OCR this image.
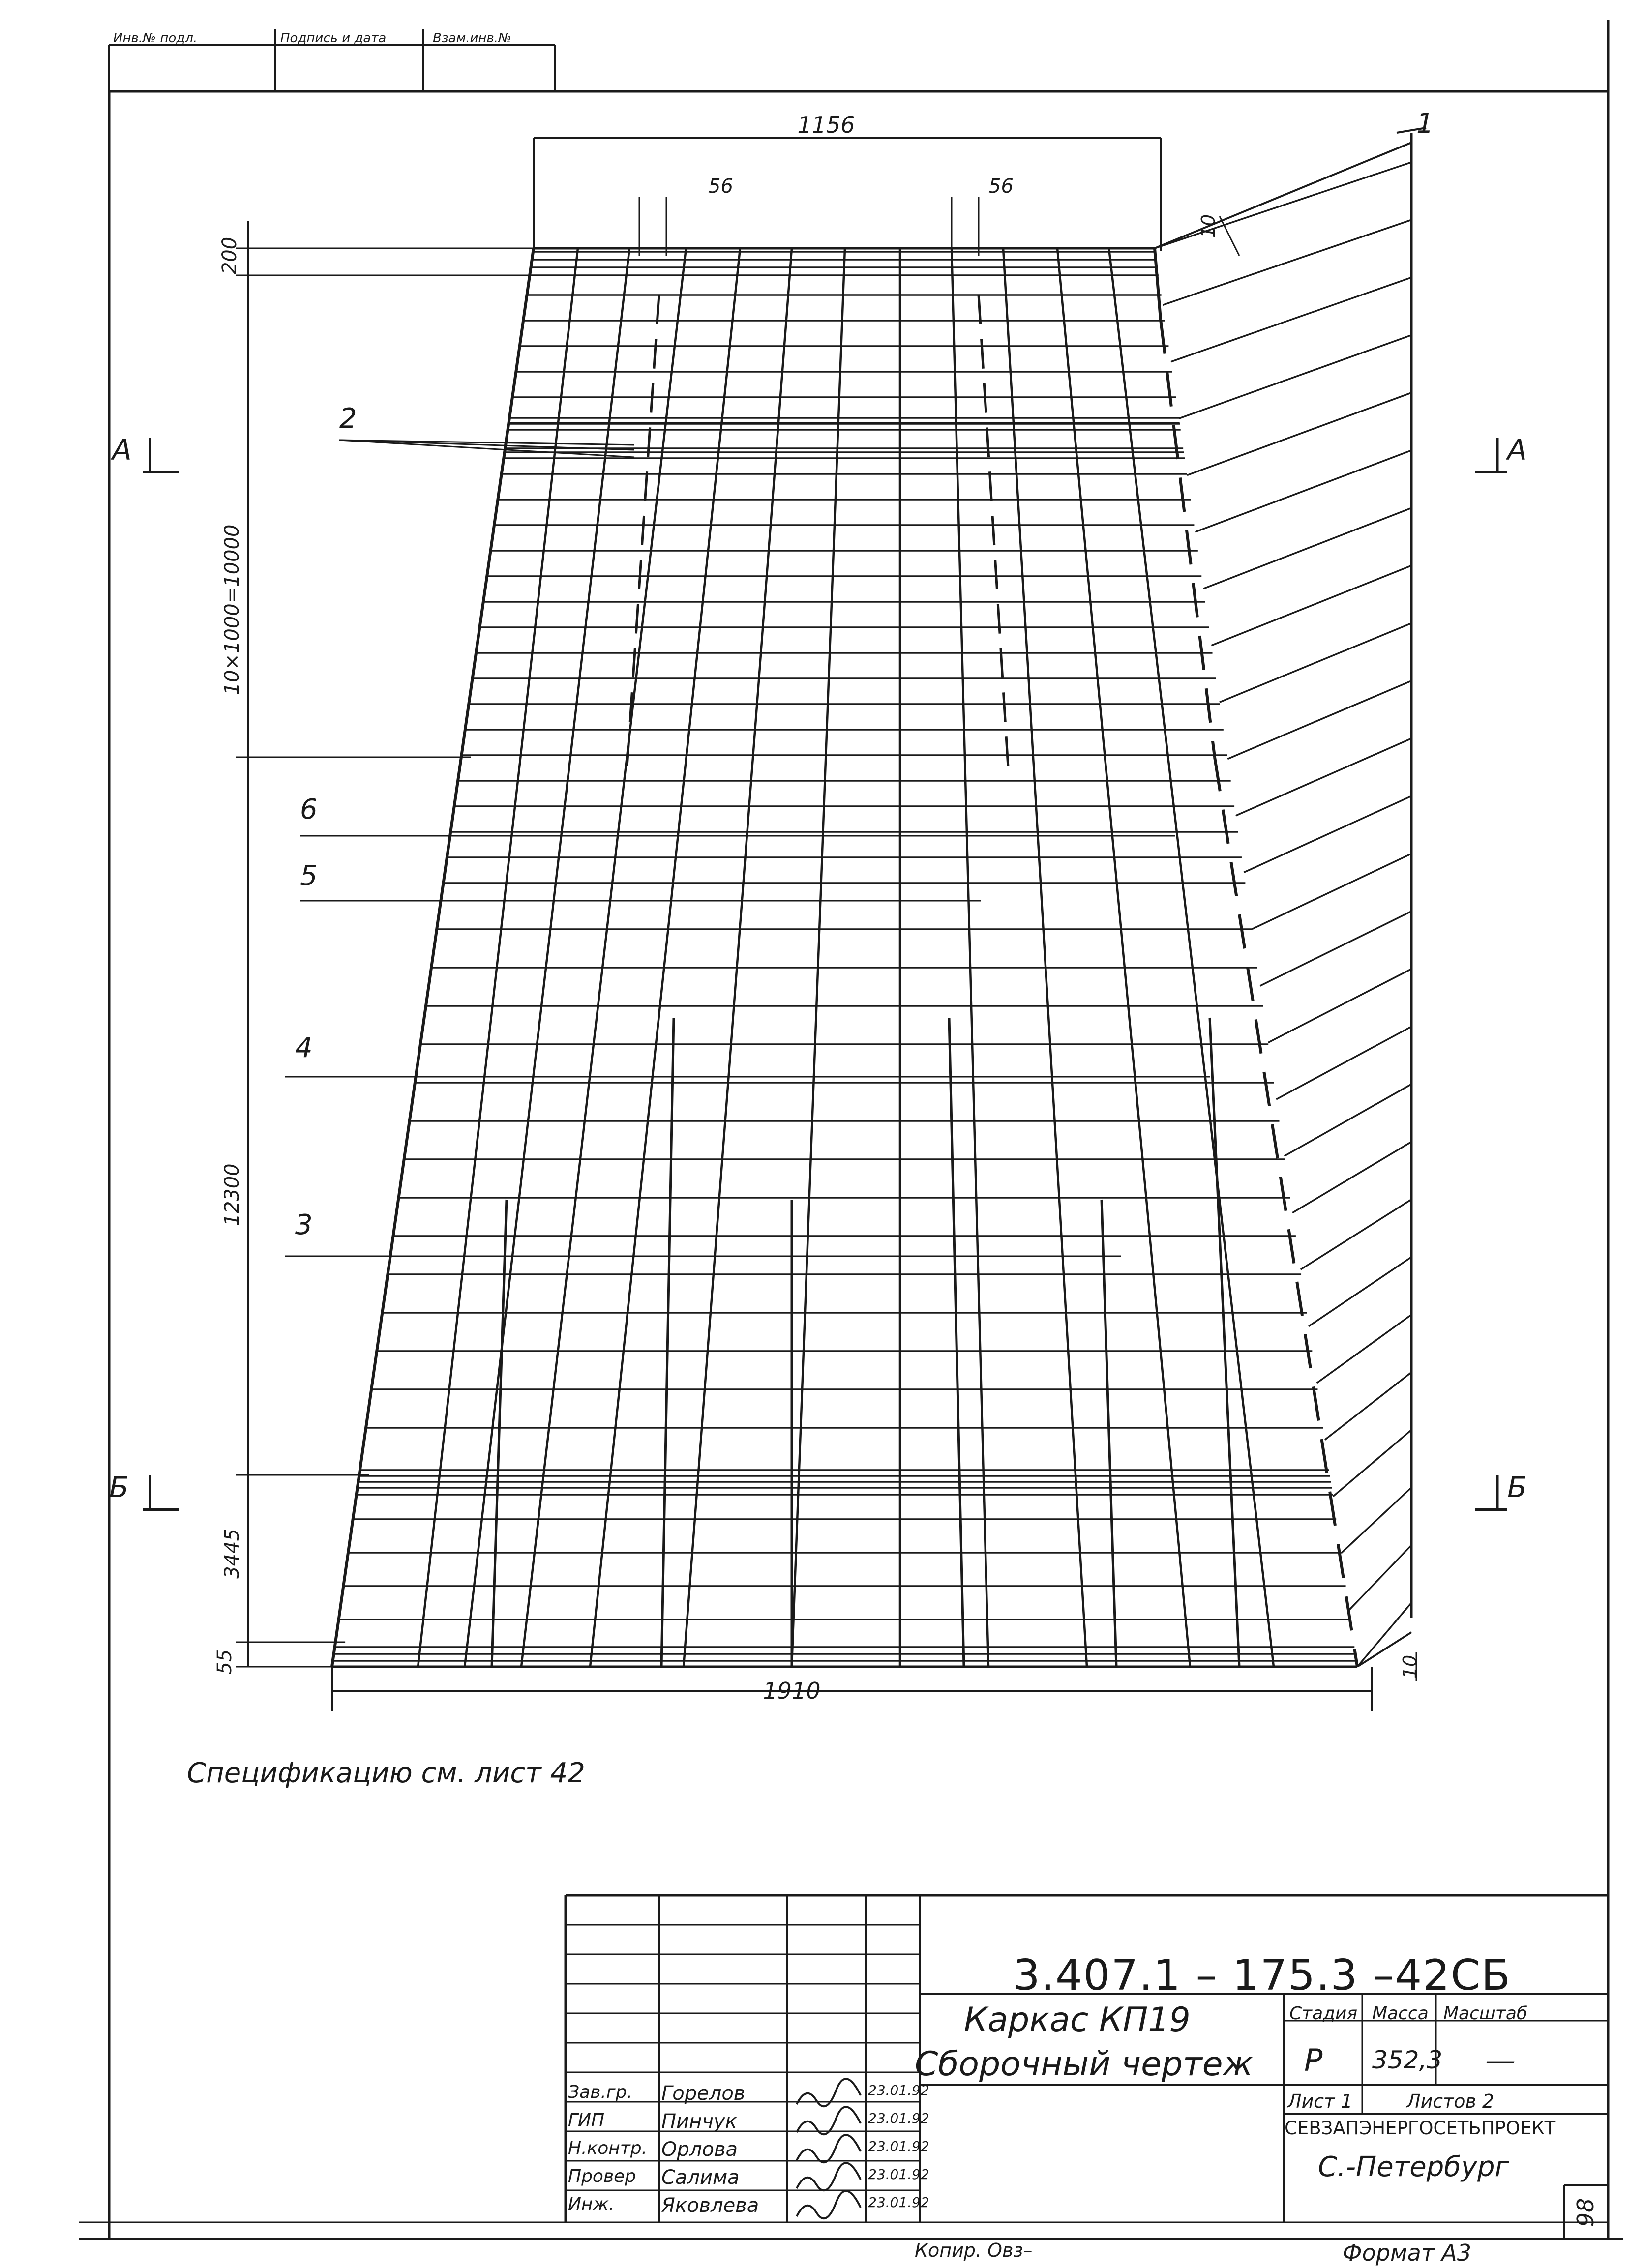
Инв.№ подл.	Подпись и дата	Взам.инв.№
1156
56	56
1910
200
10×1000=10000
12300
3445
55
10
10
1
2
6
5
4
3
А	А
Б	Б
Спецификацию см. лист 42
Копир. Овз–	Формат А3
98
3.407.1 – 175.3 –42СБ
Каркас КП19
Сборочный чертеж
Стадия Масса Масштаб
Р 352,3 —
Лист 1	Листов 2
СЕВЗАПЭНЕРГОСЕТЬПРОЕКТ
С.-Петербург
Зав.гр. Горелов	23.01.92
ГИП	Пинчук	23.01.92
Н.контр. Орлова	23.01.92
Провер Салима	23.01.92
Инж. Яковлева	23.01.92
